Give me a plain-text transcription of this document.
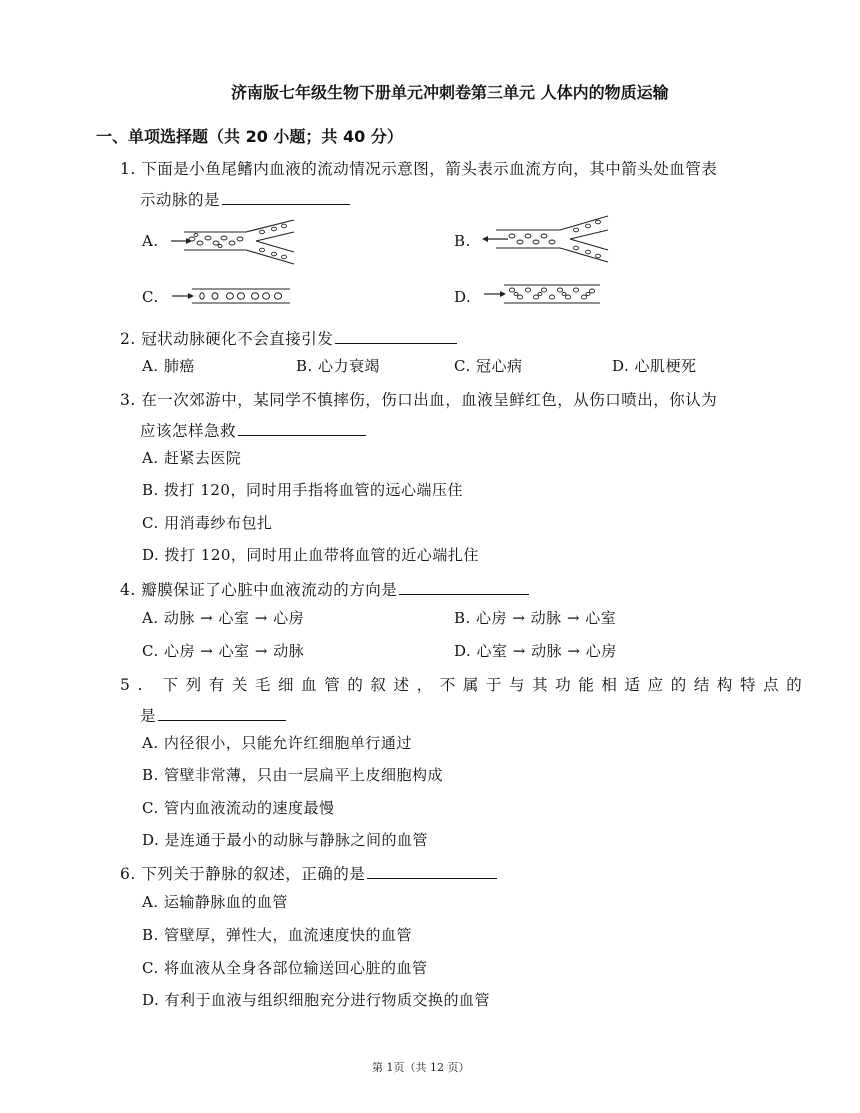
济南版七年级生物下册单元冲刺卷第三单元 人体内的物质运输
一、单项选择题（共 20 小题；共 40 分）
1. 下面是小鱼尾鳍内血液的流动情况示意图，箭头表示血流方向，其中箭头处血管表
示动脉的是
A.	B.
C.	D.
2. 冠状动脉硬化不会直接引发
A. 肺癌	B. 心力衰竭	C. 冠心病	D. 心肌梗死
3. 在一次郊游中，某同学不慎摔伤，伤口出血，血液呈鲜红色，从伤口喷出，你认为
应该怎样急救
A. 赶紧去医院
B. 拨打 120，同时用手指将血管的远心端压住
C. 用消毒纱布包扎
D. 拨打 120，同时用止血带将血管的近心端扎住
4. 瓣膜保证了心脏中血液流动的方向是
A. 动脉 → 心室 → 心房	B. 心房 → 动脉 → 心室
C. 心房 → 心室 → 动脉	D. 心室 → 动脉 → 心房
5. 下列有关毛细血管的叙述，不属于与其功能相适应的结构特点的
是
A. 内径很小，只能允许红细胞单行通过
B. 管壁非常薄，只由一层扁平上皮细胞构成
C. 管内血液流动的速度最慢
D. 是连通于最小的动脉与静脉之间的血管
6. 下列关于静脉的叙述，正确的是
A. 运输静脉血的血管
B. 管壁厚，弹性大，血流速度快的血管
C. 将血液从全身各部位输送回心脏的血管
D. 有利于血液与组织细胞充分进行物质交换的血管
第 1页（共 12 页）
